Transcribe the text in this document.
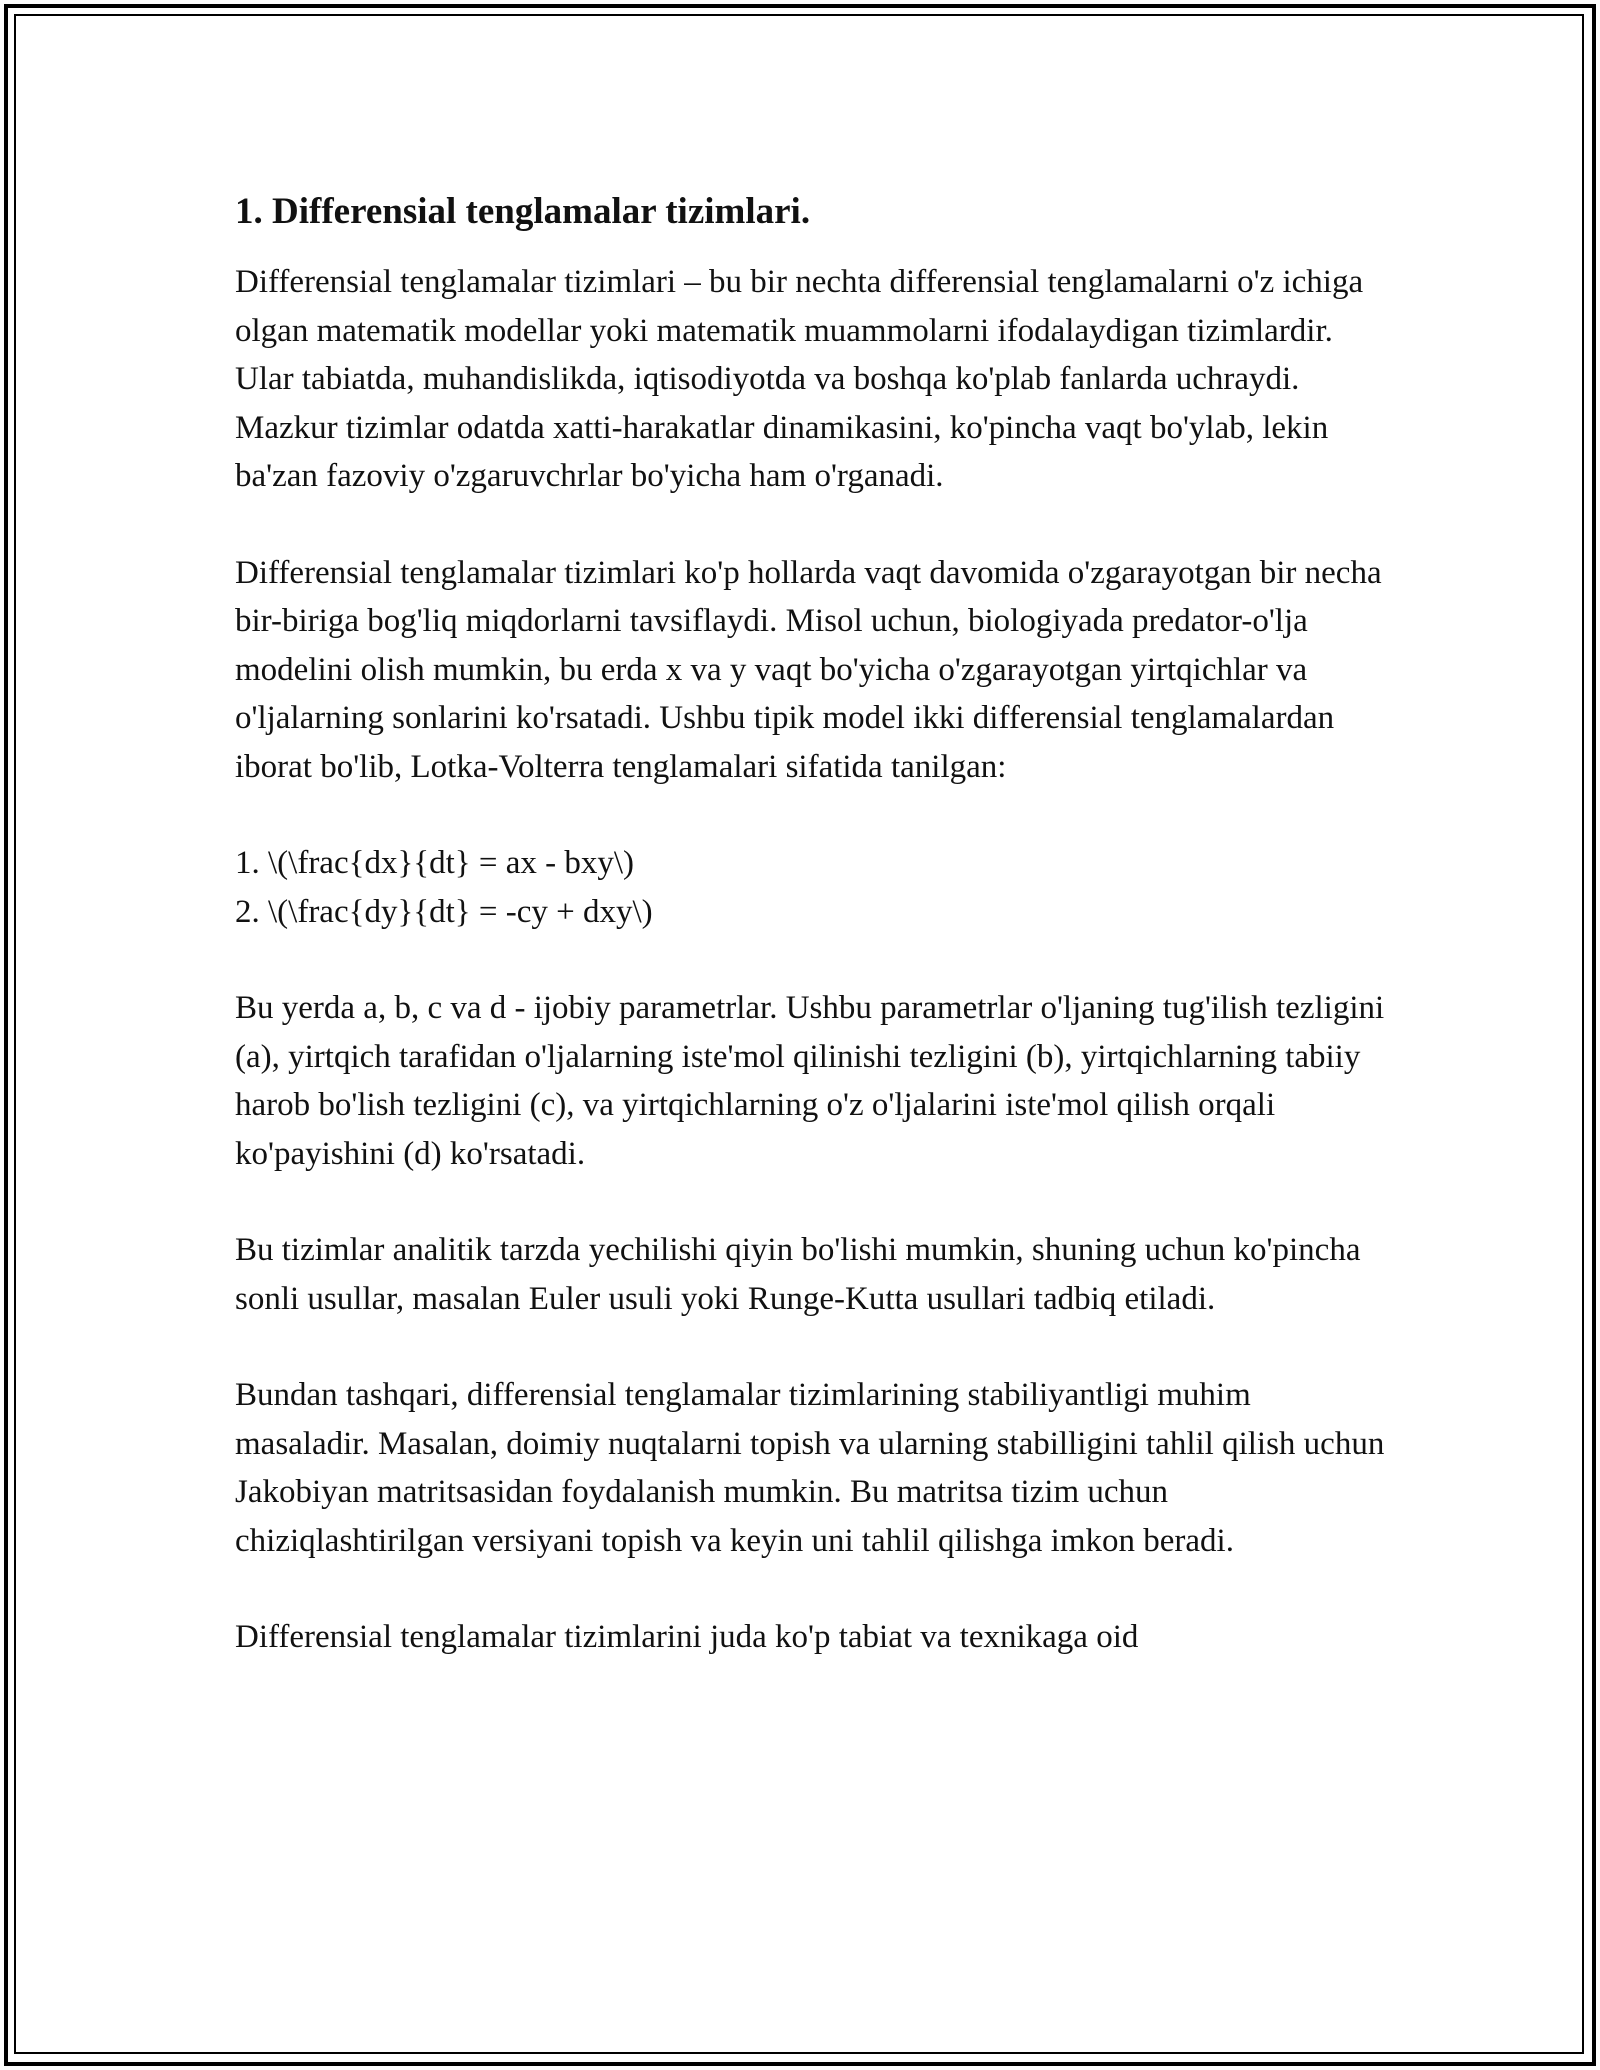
1. Differensial tenglamalar tizimlari.

Differensial tenglamalar tizimlari – bu bir nechta differensial tenglamalarni o'z ichiga olgan matematik modellar yoki matematik muammolarni ifodalaydigan tizimlardir. Ular tabiatda, muhandislikda, iqtisodiyotda va boshqa ko'plab fanlarda uchraydi. Mazkur tizimlar odatda xatti-harakatlar dinamikasini, ko'pincha vaqt bo'ylab, lekin ba'zan fazoviy o'zgaruvchrlar bo'yicha ham o'rganadi.

Differensial tenglamalar tizimlari ko'p hollarda vaqt davomida o'zgarayotgan bir necha bir-biriga bog'liq miqdorlarni tavsiflaydi. Misol uchun, biologiyada predator-o'lja modelini olish mumkin, bu erda x va y vaqt bo'yicha o'zgarayotgan yirtqichlar va o'ljalarning sonlarini ko'rsatadi. Ushbu tipik model ikki differensial tenglamalardan iborat bo'lib, Lotka-Volterra tenglamalari sifatida tanilgan:

1. \(\frac{dx}{dt} = ax - bxy\)
2. \(\frac{dy}{dt} = -cy + dxy\)

Bu yerda a, b, c va d - ijobiy parametrlar. Ushbu parametrlar o'ljaning tug'ilish tezligini (a), yirtqich tarafidan o'ljalarning iste'mol qilinishi tezligini (b), yirtqichlarning tabiiy harob bo'lish tezligini (c), va yirtqichlarning o'z o'ljalarini iste'mol qilish orqali ko'payishini (d) ko'rsatadi.

Bu tizimlar analitik tarzda yechilishi qiyin bo'lishi mumkin, shuning uchun ko'pincha sonli usullar, masalan Euler usuli yoki Runge-Kutta usullari tadbiq etiladi.

Bundan tashqari, differensial tenglamalar tizimlarining stabiliyantligi muhim masaladir. Masalan, doimiy nuqtalarni topish va ularning stabilligini tahlil qilish uchun Jakobiyan matritsasidan foydalanish mumkin. Bu matritsa tizim uchun chiziqlashtirilgan versiyani topish va keyin uni tahlil qilishga imkon beradi.

Differensial tenglamalar tizimlarini juda ko'p tabiat va texnikaga oid
